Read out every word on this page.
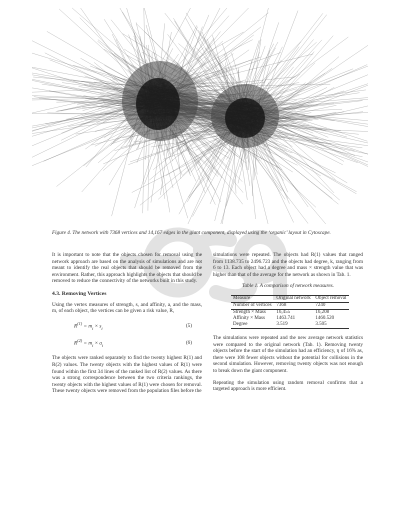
Figure 4. The network with 7368 vertices and 14,167 edges in the giant component, displayed using the ‘organic’ layout in Cytoscape.

It is important to note that the objects chosen for removal using the network approach are based on the analysis of simulations and are not meant to identify the real objects that should be removed from the environment. Rather, this approach highlights the objects that should be removed to reduce the connectivity of the networks built in this study.

4.3. Removing Vertices

Using the vertex measures of strength, s, and affinity, a, and the mass, m, of each object, the vertices can be given a risk value, R,

$R^{(1)} = m_i \times s_i$	(5)
$R^{(2)} = m_i \times a_i$	(6)

The objects were ranked separately to find the twenty highest R(1) and R(2) values. The twenty objects with the highest values of R(1) were found within the first 34 lines of the ranked list of R(2) values. As there was a strong correspondence between the two criteria rankings, the twenty objects with the highest values of R(1) were chosen for removal. These twenty objects were removed from the population files before the

simulations were repeated. The objects had R(1) values that ranged from 1138.735 to 2496.723 and the objects had degree, k, ranging from 6 to 13. Each object had a degree and mass × strength value that was higher than that of the average for the network as shown in Tab. 1.

Table 1. A comparison of network measures.
Measure	Original network	Object removal
Number of vertices	7368	7240
Strength × Mass	16,455	16,208
Affinity × Mass	1463.741	1460.520
Degree	3.519	3.505

The simulations were repeated and the new average network statistics were compared to the original network (Tab. 1). Removing twenty objects before the start of the simulation had an efficiency, η of 16% as, there were 108 fewer objects without the potential for collisions in the second simulation. However, removing twenty objects was not enough to break down the giant component.

Repeating the simulation using random removal confirms that a targeted approach is more efficient.
